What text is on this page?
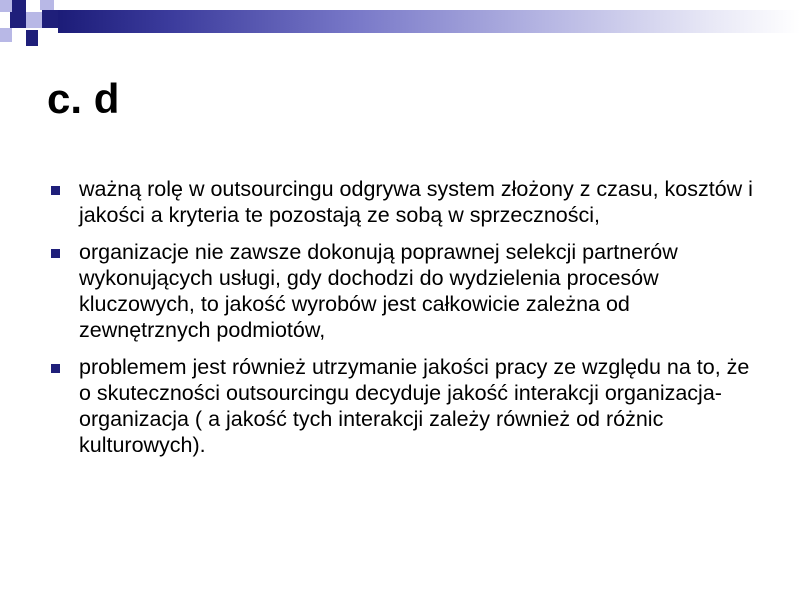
c. d
ważną rolę w outsourcingu odgrywa system złożony z czasu, kosztów i jakości a kryteria te pozostają ze sobą w sprzeczności,
organizacje nie zawsze dokonują poprawnej selekcji partnerów wykonujących usługi, gdy dochodzi do wydzielenia procesów kluczowych, to jakość wyrobów jest całkowicie zależna od zewnętrznych podmiotów,
problemem jest również utrzymanie jakości pracy ze względu na to, że o skuteczności outsourcingu decyduje jakość interakcji organizacja-organizacja ( a jakość tych interakcji zależy również od różnic kulturowych).
